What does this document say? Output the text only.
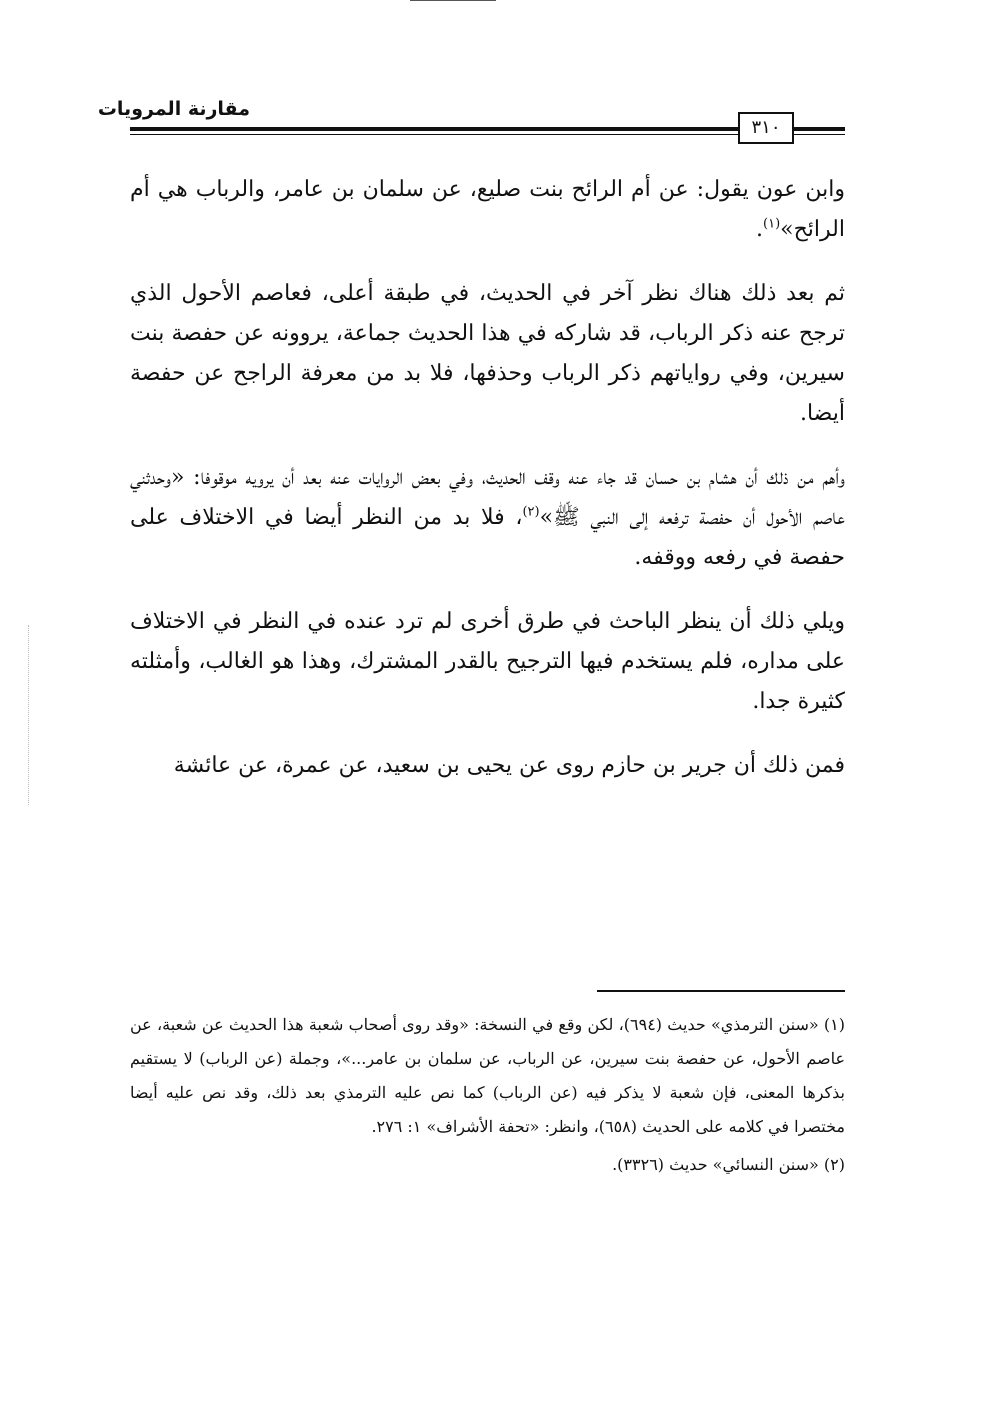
مقارنة المرويات
٣١٠

وابن عون يقول: عن أم الرائح بنت صليع، عن سلمان بن عامر، والرباب هي أم الرائح»$^{(١)}$.

ثم بعد ذلك هناك نظر آخر في الحديث، في طبقة أعلى، فعاصم الأحول الذي ترجح عنه ذكر الرباب، قد شاركه في هذا الحديث جماعة، يروونه عن حفصة بنت سيرين، وفي رواياتهم ذكر الرباب وحذفها، فلا بد من معرفة الراجح عن حفصة أيضا.

وأهم من ذلك أن هشام بن حسان قد جاء عنه وقف الحديث، وفي بعض الروايات عنه بعد أن يرويه موقوفا: «وحدثني عاصم الأحول أن حفصة ترفعه إلى النبي ﷺ»$^{(٢)}$، فلا بد من النظر أيضا في الاختلاف على حفصة في رفعه ووقفه.

ويلي ذلك أن ينظر الباحث في طرق أخرى لم ترد عنده في النظر في الاختلاف على مداره، فلم يستخدم فيها الترجيح بالقدر المشترك، وهذا هو الغالب، وأمثلته كثيرة جدا.

فمن ذلك أن جرير بن حازم روى عن يحيى بن سعيد، عن عمرة، عن عائشة

(١) «سنن الترمذي» حديث (٦٩٤)، لكن وقع في النسخة: «وقد روى أصحاب شعبة هذا الحديث عن شعبة، عن عاصم الأحول، عن حفصة بنت سيرين، عن الرباب، عن سلمان بن عامر...»، وجملة (عن الرباب) لا يستقيم بذكرها المعنى، فإن شعبة لا يذكر فيه (عن الرباب) كما نص عليه الترمذي بعد ذلك، وقد نص عليه أيضا مختصرا في كلامه على الحديث (٦٥٨)، وانظر: «تحفة الأشراف» ١: ٢٧٦.

(٢) «سنن النسائي» حديث (٣٣٢٦).
